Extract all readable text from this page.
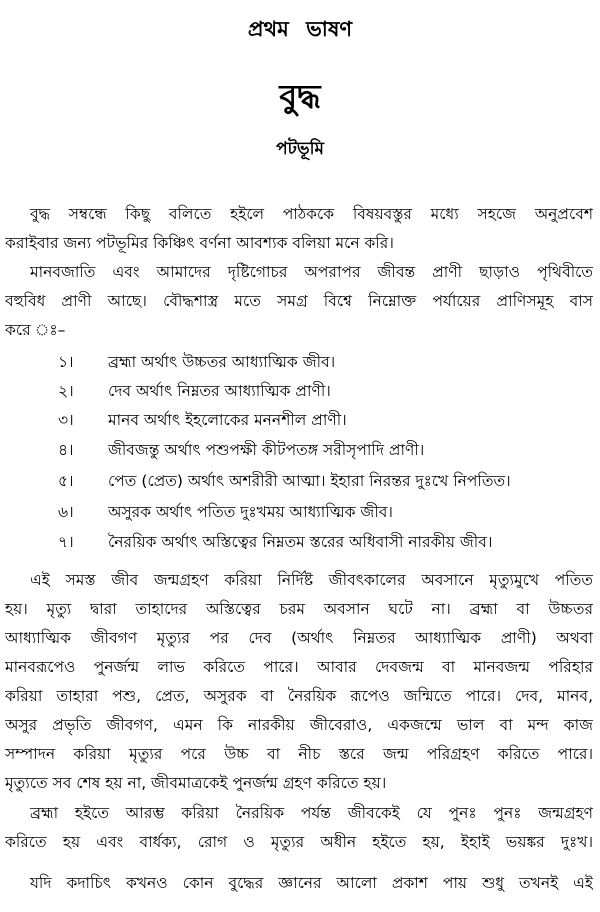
প্রথম ভাষণ
বুদ্ধ
পটভূমি
বুদ্ধ সম্বন্ধে কিছু বলিতে হইলে পাঠককে বিষয়বস্তুর মধ্যে সহজে অনুপ্রবেশ
করাইবার জন্য পটভূমির কিঞ্চিৎ বর্ণনা আবশ্যক বলিয়া মনে করি।
মানবজাতি এবং আমাদের দৃষ্টিগোচর অপরাপর জীবন্ত প্রাণী ছাড়াও পৃথিবীতে
বহুবিধ প্রাণী আছে। বৌদ্ধশাস্ত্র মতে সমগ্র বিশ্বে নিম্নোক্ত পর্যায়ের প্রাণিসমূহ বাস
করে ঃ–
১।	ব্রহ্মা অর্থাৎ উচ্চতর আধ্যাত্মিক জীব।
২।	দেব অর্থাৎ নিম্নতর আধ্যাত্মিক প্রাণী।
৩।	মানব অর্থাৎ ইহলোকের মননশীল প্রাণী।
৪।	জীবজন্তু অর্থাৎ পশুপক্ষী কীটপতঙ্গ সরীসৃপাদি প্রাণী।
৫।	পেত (প্রেত) অর্থাৎ অশরীরী আত্মা। ইহারা নিরন্তর দুঃখে নিপতিত।
৬।	অসুরক অর্থাৎ পতিত দুঃখময় আধ্যাত্মিক জীব।
৭।	নৈরয়িক অর্থাৎ অস্তিত্বের নিম্নতম স্তরের অধিবাসী নারকীয় জীব।
এই সমস্ত জীব জন্মগ্রহণ করিয়া নির্দিষ্ট জীবৎকালের অবসানে মৃত্যুমুখে পতিত
হয়। মৃত্যু দ্বারা তাহাদের অস্তিত্বের চরম অবসান ঘটে না। ব্রহ্মা বা উচ্চতর
আধ্যাত্মিক জীবগণ মৃত্যুর পর দেব (অর্থাৎ নিম্নতর আধ্যাত্মিক প্রাণী) অথবা
মানবরূপেও পুনর্জন্ম লাভ করিতে পারে। আবার দেবজন্ম বা মানবজন্ম পরিহার
করিয়া তাহারা পশু, প্রেত, অসুরক বা নৈরয়িক রূপেও জন্মিতে পারে। দেব, মানব,
অসুর প্রভৃতি জীবগণ, এমন কি নারকীয় জীবেরাও, একজন্মে ভাল বা মন্দ কাজ
সম্পাদন করিয়া মৃত্যুর পরে উচ্চ বা নীচ স্তরে জন্ম পরিগ্রহণ করিতে পারে।
মৃত্যুতে সব শেষ হয় না, জীবমাত্রকেই পুনর্জন্ম গ্রহণ করিতে হয়।
ব্রহ্মা হইতে আরম্ভ করিয়া নৈরয়িক পর্যন্ত জীবকেই যে পুনঃ পুনঃ জন্মগ্রহণ
করিতে হয় এবং বার্ধক্য, রোগ ও মৃত্যুর অধীন হইতে হয়, ইহাই ভয়ঙ্কর দুঃখ।
যদি কদাচিৎ কখনও কোন বুদ্ধের জ্ঞানের আলো প্রকাশ পায় শুধু তখনই এই
